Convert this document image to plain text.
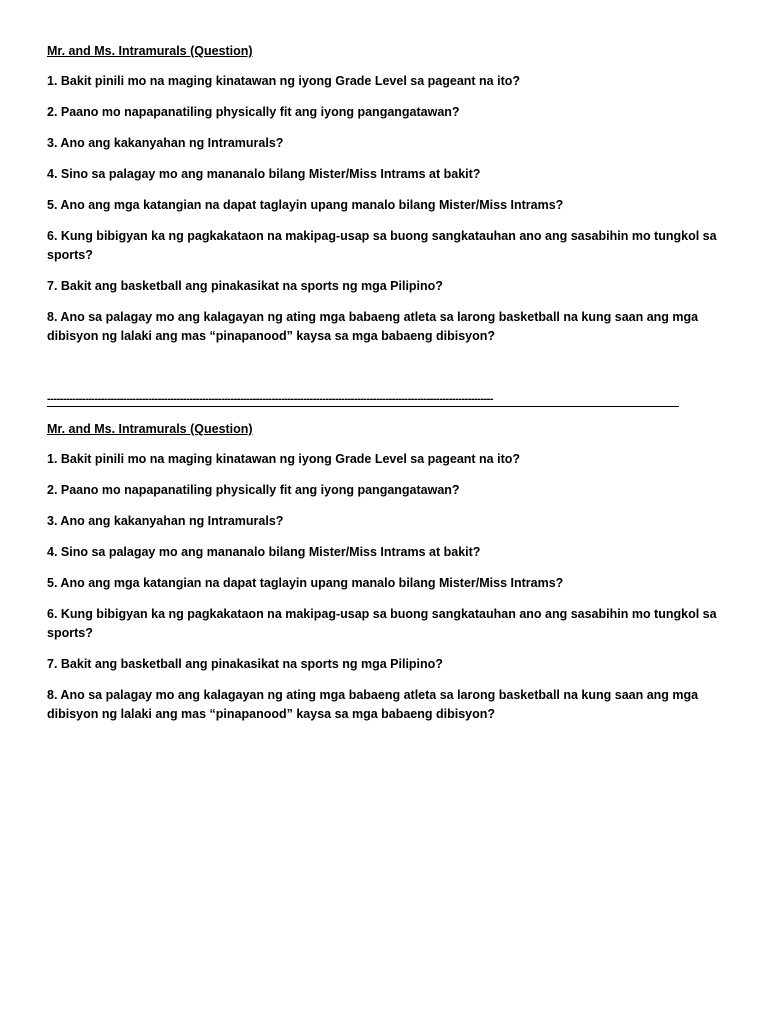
Mr. and Ms. Intramurals (Question)

1. Bakit pinili mo na maging kinatawan ng iyong Grade Level sa pageant na ito?

2. Paano mo napapanatiling physically fit ang iyong pangangatawan?

3. Ano ang kakanyahan ng Intramurals?

4. Sino sa palagay mo ang mananalo bilang Mister/Miss Intrams at bakit?

5. Ano ang mga katangian na dapat taglayin upang manalo bilang Mister/Miss Intrams?

6. Kung bibigyan ka ng pagkakataon na makipag-usap sa buong sangkatauhan ano ang sasabihin mo tungkol sa sports?

7. Bakit ang basketball ang pinakasikat na sports ng mga Pilipino?

8. Ano sa palagay mo ang kalagayan ng ating mga babaeng atleta sa larong basketball na kung saan ang mga dibisyon ng lalaki ang mas “pinapanood” kaysa sa mga babaeng dibisyon?

---------------------------------------------------------------------------------------------------------------------------------------------
Mr. and Ms. Intramurals (Question)

1. Bakit pinili mo na maging kinatawan ng iyong Grade Level sa pageant na ito?

2. Paano mo napapanatiling physically fit ang iyong pangangatawan?

3. Ano ang kakanyahan ng Intramurals?

4. Sino sa palagay mo ang mananalo bilang Mister/Miss Intrams at bakit?

5. Ano ang mga katangian na dapat taglayin upang manalo bilang Mister/Miss Intrams?

6. Kung bibigyan ka ng pagkakataon na makipag-usap sa buong sangkatauhan ano ang sasabihin mo tungkol sa sports?

7. Bakit ang basketball ang pinakasikat na sports ng mga Pilipino?

8. Ano sa palagay mo ang kalagayan ng ating mga babaeng atleta sa larong basketball na kung saan ang mga dibisyon ng lalaki ang mas “pinapanood” kaysa sa mga babaeng dibisyon?
